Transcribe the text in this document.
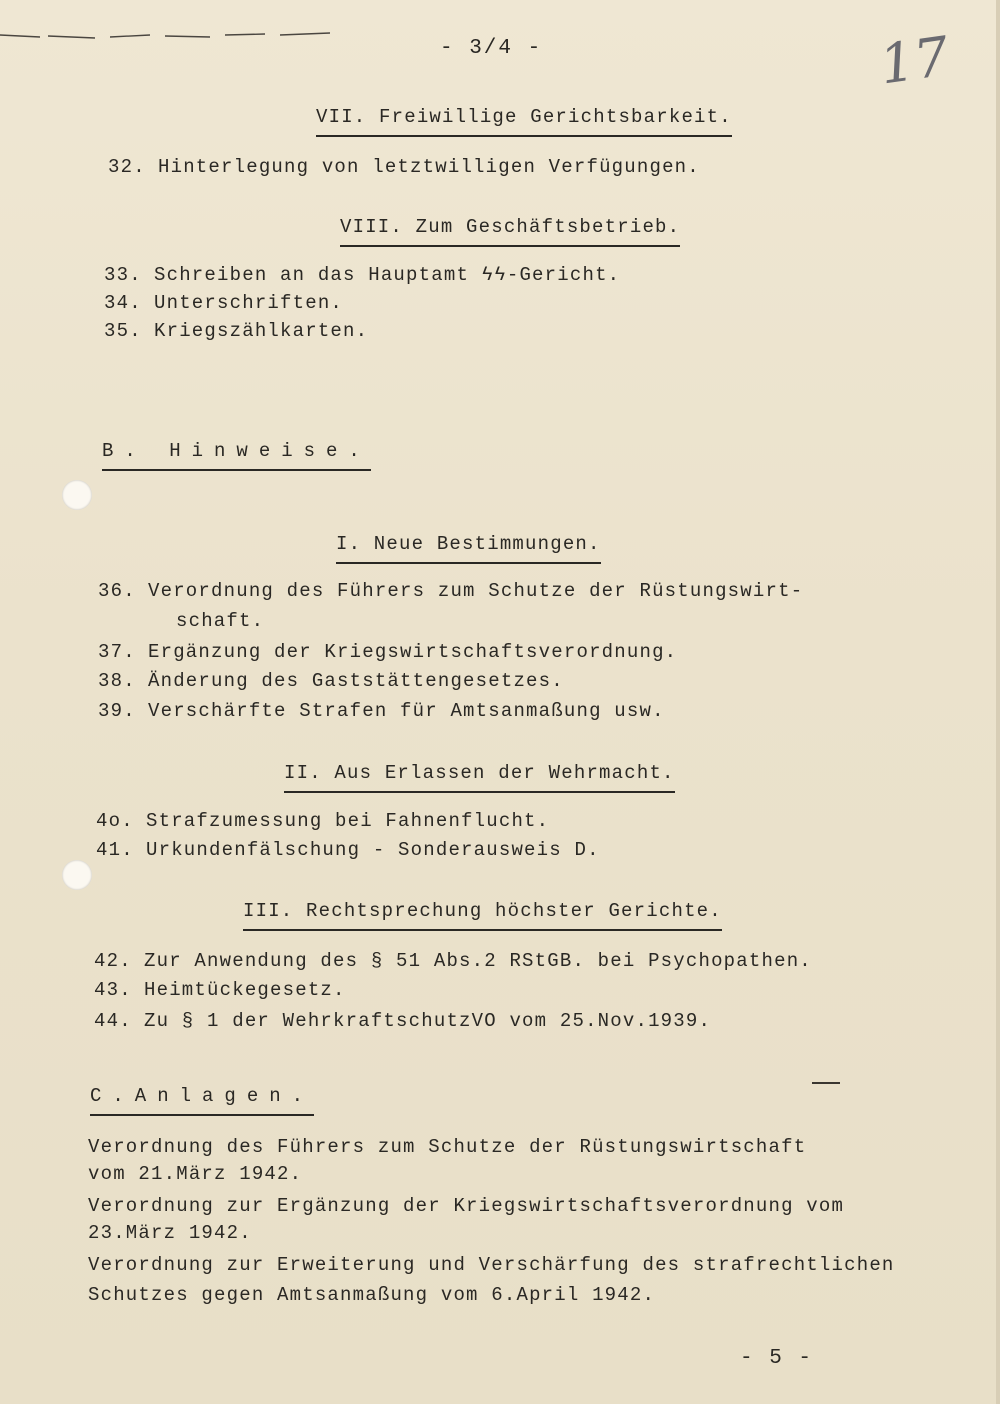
- 3/4 -	17
VII. Freiwillige Gerichtsbarkeit.
32. Hinterlegung von letztwilligen Verfügungen.
VIII. Zum Geschäftsbetrieb.
33. Schreiben an das Hauptamt ϟϟ-Gericht.
34. Unterschriften.
35. Kriegszählkarten.
B. Hinweise.
I. Neue Bestimmungen.
36. Verordnung des Führers zum Schutze der Rüstungswirt-
schaft.
37. Ergänzung der Kriegswirtschaftsverordnung.
38. Änderung des Gaststättengesetzes.
39. Verschärfte Strafen für Amtsanmaßung usw.
II. Aus Erlassen der Wehrmacht.
4o. Strafzumessung bei Fahnenflucht.
41. Urkundenfälschung - Sonderausweis D.
III. Rechtsprechung höchster Gerichte.
42. Zur Anwendung des § 51 Abs.2 RStGB. bei Psychopathen.
43. Heimtückegesetz.
44. Zu § 1 der WehrkraftschutzVO vom 25.Nov.1939.
C.Anlagen.
Verordnung des Führers zum Schutze der Rüstungswirtschaft
vom 21.März 1942.
Verordnung zur Ergänzung der Kriegswirtschaftsverordnung vom
23.März 1942.
Verordnung zur Erweiterung und Verschärfung des strafrechtlichen
Schutzes gegen Amtsanmaßung vom 6.April 1942.
- 5 -
